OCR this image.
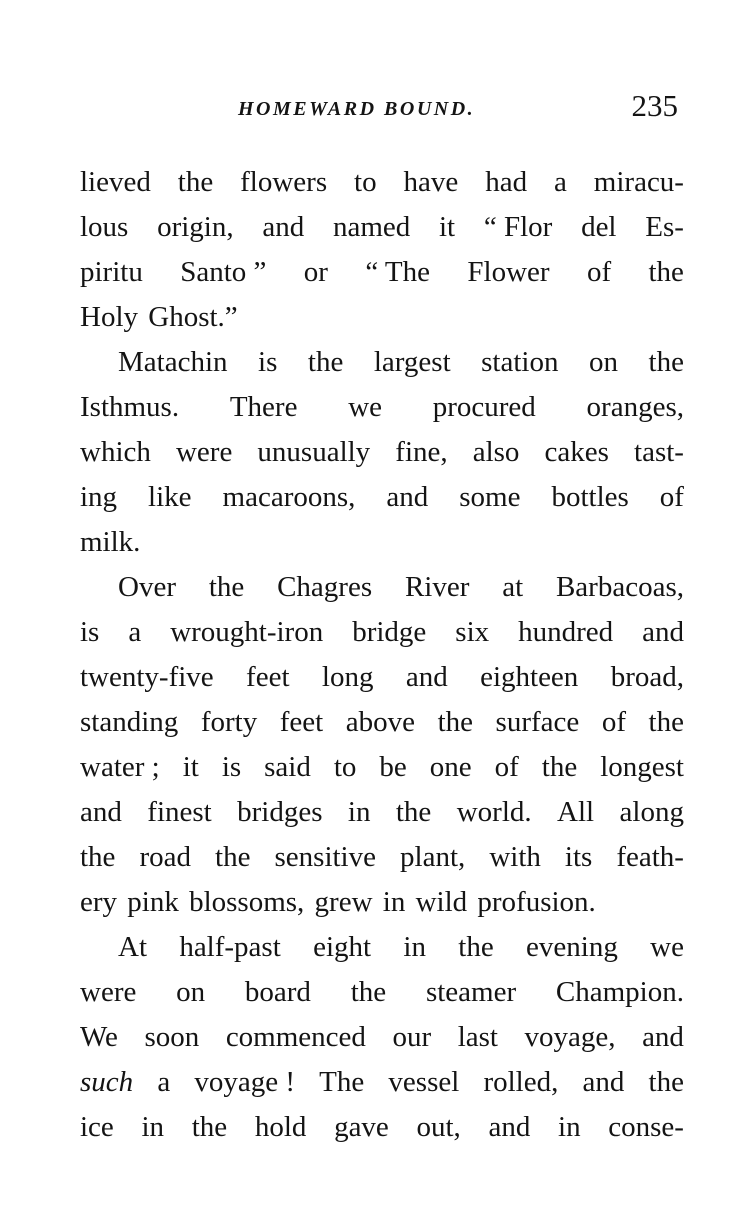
HOMEWARD BOUND.	235
lieved the flowers to have had a miracu-
lous origin, and named it “ Flor del Es-
piritu Santo ” or “ The Flower of the
Holy Ghost.”
Matachin is the largest station on the
Isthmus. There we procured oranges,
which were unusually fine, also cakes tast-
ing like macaroons, and some bottles of
milk.
Over the Chagres River at Barbacoas,
is a wrought-iron bridge six hundred and
twenty-five feet long and eighteen broad,
standing forty feet above the surface of the
water ; it is said to be one of the longest
and finest bridges in the world. All along
the road the sensitive plant, with its feath-
ery pink blossoms, grew in wild profusion.
At half-past eight in the evening we
were on board the steamer Champion.
We soon commenced our last voyage, and
such a voyage ! The vessel rolled, and the
ice in the hold gave out, and in conse-
